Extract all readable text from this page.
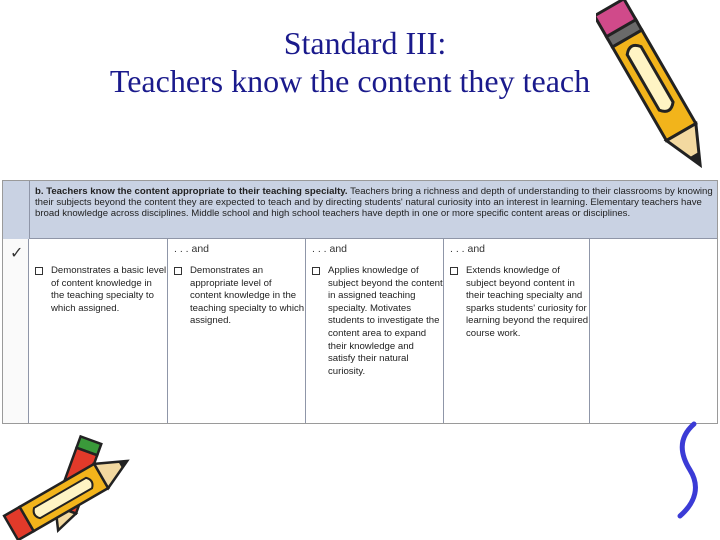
Standard III:
Teachers know the content they teach
b. Teachers know the content appropriate to their teaching specialty. Teachers bring a richness and depth of understanding to their classrooms by knowing their subjects beyond the content they are expected to teach and by directing students' natural curiosity into an interest in learning. Elementary teachers have broad knowledge across disciplines. Middle school and high school teachers have depth in one or more specific content areas or disciplines.
✓
Demonstrates a basic level of content knowledge in the teaching specialty to which assigned.
. . . and
Demonstrates an appropriate level of content knowledge in the teaching specialty to which assigned.
. . . and
Applies knowledge of subject beyond the content in assigned teaching specialty. Motivates students to investigate the content area to expand their knowledge and satisfy their natural curiosity.
. . . and
Extends knowledge of subject beyond content in their teaching specialty and sparks students' curiosity for learning beyond the required course work.
